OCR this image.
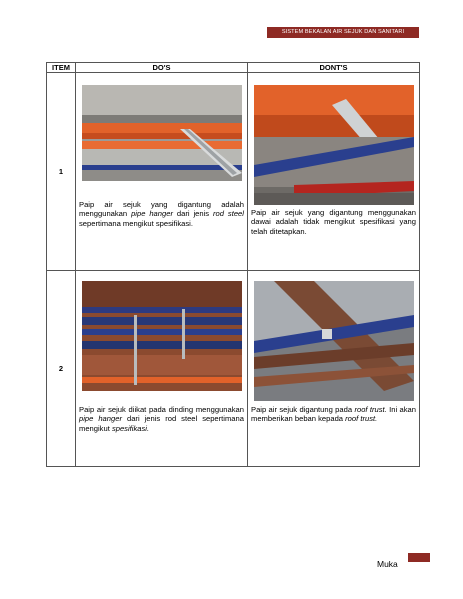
SISTEM BEKALAN AIR SEJUK DAN SANITARI
ITEM	DO'S	DONT'S
1	Paip air sejuk yang digantung adalah menggunakan pipe hanger dari jenis rod steel sepertimana mengikut spesifikasi.	Paip air sejuk yang digantung menggunakan dawai adalah tidak mengikut spesifikasi yang telah ditetapkan.

2	Paip air sejuk diikat pada dinding menggunakan pipe hanger dari jenis rod steel sepertimana mengikut spesifikasi.	Paip air sejuk digantung pada roof trust. Ini akan memberikan beban kepada roof trust.
Muka
